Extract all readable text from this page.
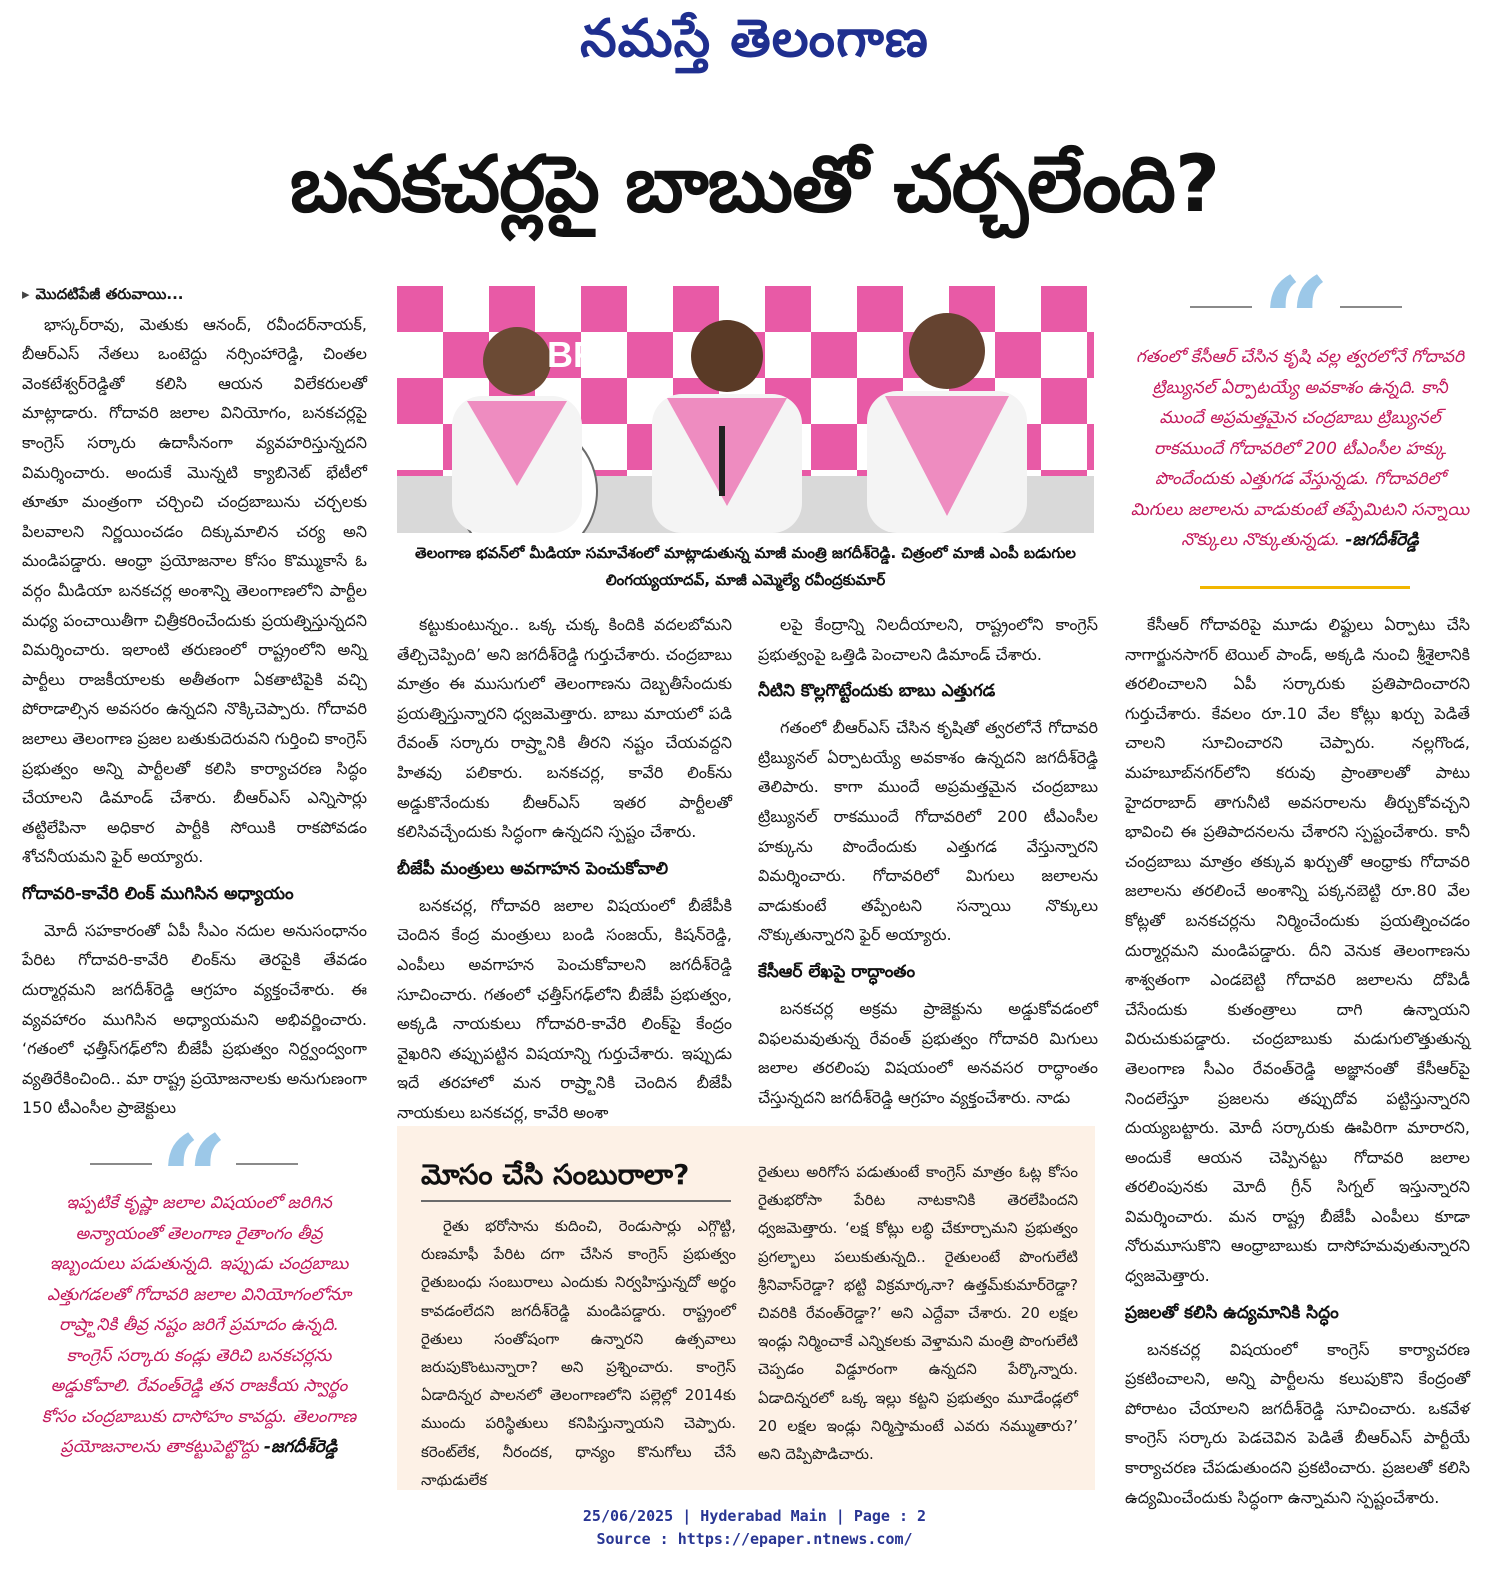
నమస్తే తెలంగాణ
బనకచర్లపై బాబుతో చర్చలేంది?

▸ మొదటిపేజీ తరువాయి...

భాస్కర్‌రావు, మెతుకు ఆనంద్, రవీందర్‌నాయక్, బీఆర్‌ఎస్ నేతలు ఒంటెద్దు నర్సింహారెడ్డి, చింతల వెంకటేశ్వర్‌రెడ్డితో కలిసి ఆయన విలేకరులతో మాట్లాడారు. గోదావరి జలాల వినియోగం, బనకచర్లపై కాంగ్రెస్ సర్కారు ఉదాసీనంగా వ్యవహరిస్తున్నదని విమర్శించారు. అందుకే మొన్నటి క్యాబినెట్ భేటీలో తూతూ మంత్రంగా చర్చించి చంద్రబాబును చర్చలకు పిలవాలని నిర్ణయించడం దిక్కుమాలిన చర్య అని మండిపడ్డారు. ఆంధ్రా ప్రయోజనాల కోసం కొమ్ముకాసే ఓ వర్గం మీడియా బనకచర్ల అంశాన్ని తెలంగాణలోని పార్టీల మధ్య పంచాయితీగా చిత్రీకరించేందుకు ప్రయత్నిస్తున్నదని విమర్శించారు. ఇలాంటి తరుణంలో రాష్ట్రంలోని అన్ని పార్టీలు రాజకీయాలకు అతీతంగా ఏకతాటిపైకి వచ్చి పోరాడాల్సిన అవసరం ఉన్నదని నొక్కిచెప్పారు. గోదావరి జలాలు తెలంగాణ ప్రజల బతుకుదెరువని గుర్తించి కాంగ్రెస్ ప్రభుత్వం అన్ని పార్టీలతో కలిసి కార్యాచరణ సిద్ధం చేయాలని డిమాండ్ చేశారు. బీఆర్‌ఎస్ ఎన్నిసార్లు తట్టిలేపినా అధికార పార్టీకి సోయికి రాకపోవడం శోచనీయమని ఫైర్ అయ్యారు.

గోదావరి-కావేరి లింక్ ముగిసిన అధ్యాయం

మోదీ సహకారంతో ఏపీ సీఎం నదుల అనుసంధానం పేరిట గోదావరి-కావేరి లింక్‌ను తెరపైకి తేవడం దుర్మార్గమని జగదీశ్‌రెడ్డి ఆగ్రహం వ్యక్తంచేశారు. ఈ వ్యవహారం ముగిసిన అధ్యాయమని అభివర్ణించారు. ‘గతంలో ఛత్తీస్‌గఢ్‌లోని బీజేపీ ప్రభుత్వం నిర్ద్వంద్వంగా వ్యతిరేకించింది.. మా రాష్ట్ర ప్రయోజనాలకు అనుగుణంగా 150 టీఎంసీల ప్రాజెక్టులు

BRS
తెలంగాణ భవన్‌లో మీడియా సమావేశంలో మాట్లాడుతున్న మాజీ మంత్రి జగదీశ్‌రెడ్డి. చిత్రంలో మాజీ ఎంపీ బడుగుల లింగయ్యయాదవ్, మాజీ ఎమ్మెల్యే రవీంద్రకుమార్

కట్టుకుంటున్నం.. ఒక్క చుక్క కిందికి వదలబోమని తేల్చిచెప్పింది’ అని జగదీశ్‌రెడ్డి గుర్తుచేశారు. చంద్రబాబు మాత్రం ఈ ముసుగులో తెలంగాణను దెబ్బతీసేందుకు ప్రయత్నిస్తున్నారని ధ్వజమెత్తారు. బాబు మాయలో పడి రేవంత్ సర్కారు రాష్ర్టానికి తీరని నష్టం చేయవద్దని హితవు పలికారు. బనకచర్ల, కావేరి లింక్‌ను అడ్డుకొనేందుకు బీఆర్‌ఎస్ ఇతర పార్టీలతో కలిసివచ్చేందుకు సిద్ధంగా ఉన్నదని స్పష్టం చేశారు.

బీజేపీ మంత్రులు అవగాహన పెంచుకోవాలి

బనకచర్ల, గోదావరి జలాల విషయంలో బీజేపీకి చెందిన కేంద్ర మంత్రులు బండి సంజయ్, కిషన్‌రెడ్డి, ఎంపీలు అవగాహన పెంచుకోవాలని జగదీశ్‌రెడ్డి సూచించారు. గతంలో ఛత్తీస్‌గఢ్‌లోని బీజేపీ ప్రభుత్వం, అక్కడి నాయకులు గోదావరి-కావేరి లింక్‌పై కేంద్రం వైఖరిని తప్పుపట్టిన విషయాన్ని గుర్తుచేశారు. ఇప్పుడు ఇదే తరహాలో మన రాష్ర్టానికి చెందిన బీజేపీ నాయకులు బనకచర్ల, కావేరి అంశా

లపై కేంద్రాన్ని నిలదీయాలని, రాష్ట్రంలోని కాంగ్రెస్ ప్రభుత్వంపై ఒత్తిడి పెంచాలని డిమాండ్ చేశారు.

నీటిని కొల్లగొట్టేందుకు బాబు ఎత్తుగడ

గతంలో బీఆర్‌ఎస్ చేసిన కృషితో త్వరలోనే గోదావరి ట్రిబ్యునల్ ఏర్పాటయ్యే అవకాశం ఉన్నదని జగదీశ్‌రెడ్డి తెలిపారు. కాగా ముందే అప్రమత్తమైన చంద్రబాబు ట్రిబ్యునల్ రాకముందే గోదావరిలో 200 టీఎంసీల హక్కును పొందేందుకు ఎత్తుగడ వేస్తున్నారని విమర్శించారు. గోదావరిలో మిగులు జలాలను వాడుకుంటే తప్పేంటని సన్నాయి నొక్కులు నొక్కుతున్నారని ఫైర్ అయ్యారు.

కేసీఆర్ లేఖపై రాద్ధాంతం

బనకచర్ల అక్రమ ప్రాజెక్టును అడ్డుకోవడంలో విఫలమవుతున్న రేవంత్ ప్రభుత్వం గోదావరి మిగులు జలాల తరలింపు విషయంలో అనవసర రాద్ధాంతం చేస్తున్నదని జగదీశ్‌రెడ్డి ఆగ్రహం వ్యక్తంచేశారు. నాడు

“
గతంలో కేసీఆర్ చేసిన కృషి వల్ల త్వరలోనే గోదావరి ట్రిబ్యునల్ ఏర్పాటయ్యే అవకాశం ఉన్నది. కానీ ముందే అప్రమత్తమైన చంద్రబాబు ట్రిబ్యునల్ రాకముందే గోదావరిలో 200 టీఎంసీల హక్కు పొందేందుకు ఎత్తుగడ వేస్తున్నడు. గోదావరిలో మిగులు జలాలను వాడుకుంటే తప్పేమిటని సన్నాయి నొక్కులు నొక్కుతున్నడు. -జగదీశ్‌రెడ్డి

కేసీఆర్ గోదావరిపై మూడు లిఫ్టులు ఏర్పాటు చేసి నాగార్జునసాగర్ టెయిల్ పాండ్, అక్కడి నుంచి శ్రీశైలానికి తరలించాలని ఏపీ సర్కారుకు ప్రతిపాదించారని గుర్తుచేశారు. కేవలం రూ.10 వేల కోట్లు ఖర్చు పెడితే చాలని సూచించారని చెప్పారు. నల్లగొండ, మహబూబ్‌నగర్‌లోని కరువు ప్రాంతాలతో పాటు హైదరాబాద్ తాగునీటి అవసరాలను తీర్చుకోవచ్చని భావించి ఈ ప్రతిపాదనలను చేశారని స్పష్టంచేశారు. కానీ చంద్రబాబు మాత్రం తక్కువ ఖర్చుతో ఆంధ్రాకు గోదావరి జలాలను తరలించే అంశాన్ని పక్కనబెట్టి రూ.80 వేల కోట్లతో బనకచర్లను నిర్మించేందుకు ప్రయత్నించడం దుర్మార్గమని మండిపడ్డారు. దీని వెనుక తెలంగాణను శాశ్వతంగా ఎండబెట్టి గోదావరి జలాలను దోపిడీ చేసేందుకు కుతంత్రాలు దాగి ఉన్నాయని విరుచుకుపడ్డారు. చంద్రబాబుకు మడుగులొత్తుతున్న తెలంగాణ సీఎం రేవంత్‌రెడ్డి అజ్ఞానంతో కేసీఆర్‌పై నిందలేస్తూ ప్రజలను తప్పుదోవ పట్టిస్తున్నారని దుయ్యబట్టారు. మోదీ సర్కారుకు ఊపిరిగా మారారని, అందుకే ఆయన చెప్పినట్టు గోదావరి జలాల తరలింపునకు మోదీ గ్రీన్ సిగ్నల్ ఇస్తున్నారని విమర్శించారు. మన రాష్ట్ర బీజేపీ ఎంపీలు కూడా నోరుమూసుకొని ఆంధ్రాబాబుకు దాసోహమవుతున్నారని ధ్వజమెత్తారు.

ప్రజలతో కలిసి ఉద్యమానికి సిద్ధం

బనకచర్ల విషయంలో కాంగ్రెస్ కార్యాచరణ ప్రకటించాలని, అన్ని పార్టీలను కలుపుకొని కేంద్రంతో పోరాటం చేయాలని జగదీశ్‌రెడ్డి సూచించారు. ఒకవేళ కాంగ్రెస్ సర్కారు పెడచెవిన పెడితే బీఆర్‌ఎస్ పార్టీయే కార్యాచరణ చేపడుతుందని ప్రకటించారు. ప్రజలతో కలిసి ఉద్యమించేందుకు సిద్ధంగా ఉన్నామని స్పష్టంచేశారు.

“
ఇప్పటికే కృష్ణా జలాల విషయంలో జరిగిన అన్యాయంతో తెలంగాణ రైతాంగం తీవ్ర ఇబ్బందులు పడుతున్నది. ఇప్పుడు చంద్రబాబు ఎత్తుగడలతో గోదావరి జలాల వినియోగంలోనూ రాష్ర్టానికి తీవ్ర నష్టం జరిగే ప్రమాదం ఉన్నది. కాంగ్రెస్ సర్కారు కండ్లు తెరిచి బనకచర్లను అడ్డుకోవాలి. రేవంత్‌రెడ్డి తన రాజకీయ స్వార్థం కోసం చంద్రబాబుకు దాసోహం కావద్దు. తెలంగాణ ప్రయోజనాలను తాకట్టుపెట్టొద్దు -జగదీశ్‌రెడ్డి
మోసం చేసి సంబురాలా?

రైతు భరోసాను కుదించి, రెండుసార్లు ఎగ్గొట్టి, రుణమాఫీ పేరిట దగా చేసిన కాంగ్రెస్ ప్రభుత్వం రైతుబంధు సంబురాలు ఎందుకు నిర్వహిస్తున్నదో అర్థం కావడంలేదని జగదీశ్‌రెడ్డి మండిపడ్డారు. రాష్ట్రంలో రైతులు సంతోషంగా ఉన్నారని ఉత్సవాలు జరుపుకొంటున్నారా? అని ప్రశ్నించారు. కాంగ్రెస్ ఏడాదిన్నర పాలనలో తెలంగాణలోని పల్లెల్లో 2014కు ముందు పరిస్థితులు కనిపిస్తున్నాయని చెప్పారు. కరెంట్‌లేక, నీరందక, ధాన్యం కొనుగోలు చేసే నాథుడులేక

రైతులు అరిగోస పడుతుంటే కాంగ్రెస్ మాత్రం ఓట్ల కోసం రైతుభరోసా పేరిట నాటకానికి తెరలేపిందని ధ్వజమెత్తారు. ‘లక్ష కోట్లు లబ్ధి చేకూర్చామని ప్రభుత్వం ప్రగల్భాలు పలుకుతున్నది.. రైతులంటే పొంగులేటి శ్రీనివాస్‌రెడ్డా? భట్టి విక్రమార్కనా? ఉత్తమ్‌కుమార్‌రెడ్డా? చివరికి రేవంత్‌రెడ్డా?’ అని ఎద్దేవా చేశారు. 20 లక్షల ఇండ్లు నిర్మించాకే ఎన్నికలకు వెళ్తామని మంత్రి పొంగులేటి చెప్పడం విడ్డూరంగా ఉన్నదని పేర్కొన్నారు. ఏడాదిన్నరలో ఒక్క ఇల్లు కట్టని ప్రభుత్వం మూడేండ్లలో 20 లక్షల ఇండ్లు నిర్మిస్తామంటే ఎవరు నమ్ముతారు?’ అని దెప్పిపొడిచారు.

25/06/2025 | Hyderabad Main | Page : 2
Source : https://epaper.ntnews.com/
